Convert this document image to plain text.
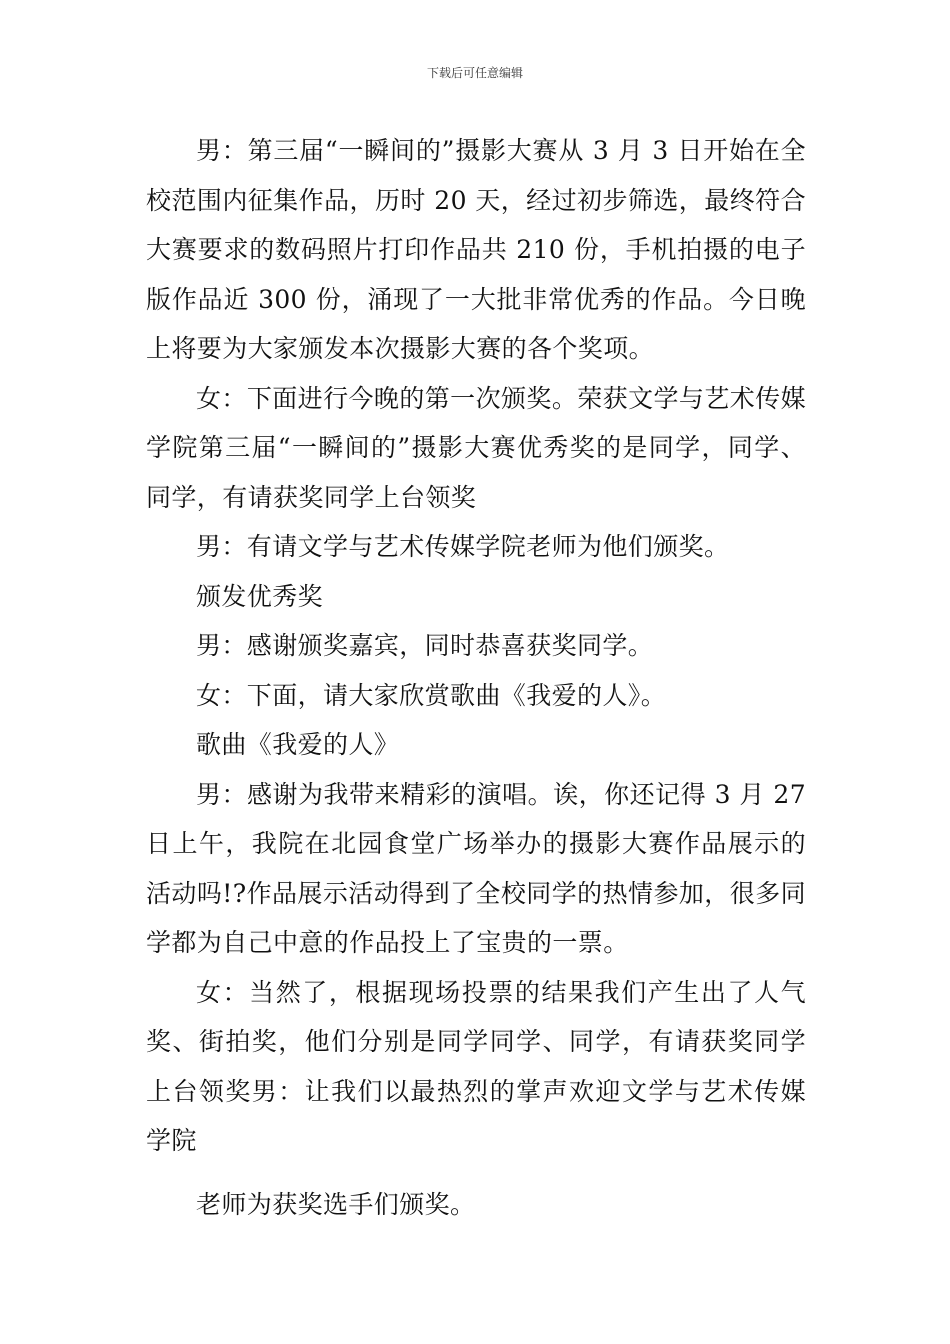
下载后可任意编辑

男：第三届“一瞬间的”摄影大赛从 3 月 3 日开始在全校范围内征集作品，历时 20 天，经过初步筛选，最终符合大赛要求的数码照片打印作品共 210 份，手机拍摄的电子版作品近 300 份，涌现了一大批非常优秀的作品。今日晚上将要为大家颁发本次摄影大赛的各个奖项。

女：下面进行今晚的第一次颁奖。荣获文学与艺术传媒学院第三届“一瞬间的”摄影大赛优秀奖的是同学，同学、同学，有请获奖同学上台领奖

男：有请文学与艺术传媒学院老师为他们颁奖。

颁发优秀奖

男：感谢颁奖嘉宾，同时恭喜获奖同学。

女：下面，请大家欣赏歌曲《我爱的人》。

歌曲《我爱的人》

男：感谢为我带来精彩的演唱。诶，你还记得 3 月 27 日上午，我院在北园食堂广场举办的摄影大赛作品展示的活动吗!?作品展示活动得到了全校同学的热情参加，很多同学都为自己中意的作品投上了宝贵的一票。

女：当然了，根据现场投票的结果我们产生出了人气奖、街拍奖，他们分别是同学同学、同学，有请获奖同学上台领奖男：让我们以最热烈的掌声欢迎文学与艺术传媒学院

老师为获奖选手们颁奖。
